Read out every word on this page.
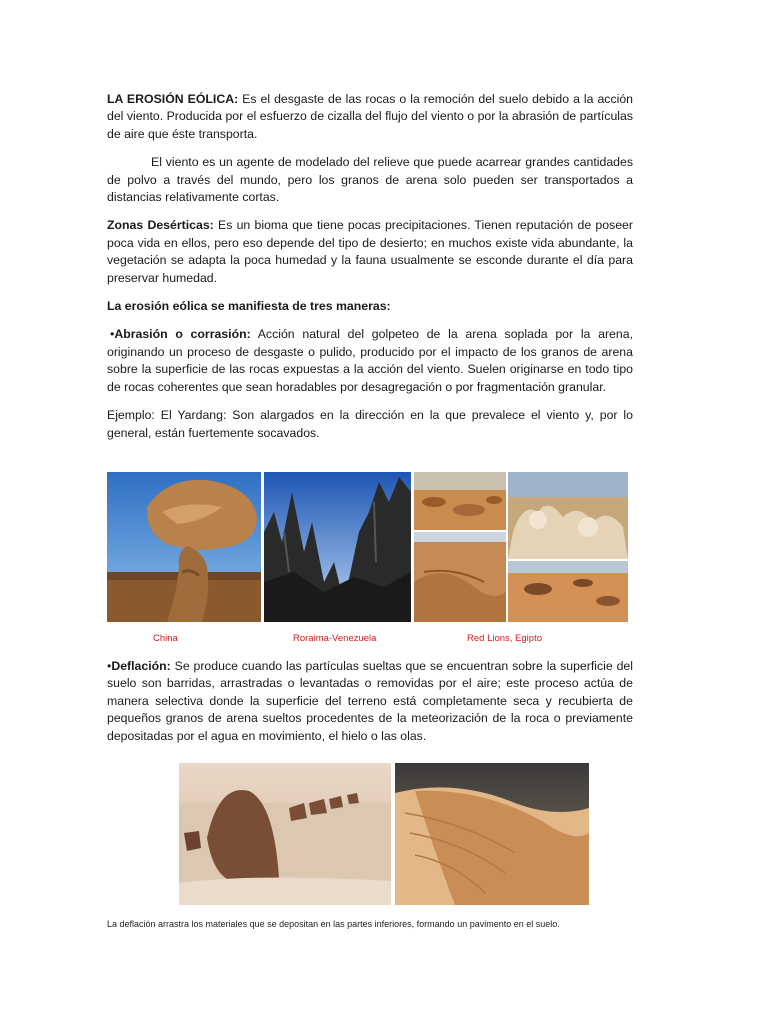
LA EROSIÓN EÓLICA: Es el desgaste de las rocas o la remoción del suelo debido a la acción del viento. Producida por el esfuerzo de cizalla del flujo del viento o por la abrasión de partículas de aire que éste transporta.

El viento es un agente de modelado del relieve que puede acarrear grandes cantidades de polvo a través del mundo, pero los granos de arena solo pueden ser transportados a distancias relativamente cortas.

Zonas Desérticas: Es un bioma que tiene pocas precipitaciones. Tienen reputación de poseer poca vida en ellos, pero eso depende del tipo de desierto; en muchos existe vida abundante, la vegetación se adapta la poca humedad y la fauna usualmente se esconde durante el día para preservar humedad.

La erosión eólica se manifiesta de tres maneras:

•Abrasión o corrasión: Acción natural del golpeteo de la arena soplada por la arena, originando un proceso de desgaste o pulido, producido por el impacto de los granos de arena sobre la superficie de las rocas expuestas a la acción del viento. Suelen originarse en todo tipo de rocas coherentes que sean horadables por desagregación o por fragmentación granular.

Ejemplo: El Yardang: Son alargados en la dirección en la que prevalece el viento y, por lo general, están fuertemente socavados.

China	Roraima-Venezuela	Red Lions, Egipto

•Deflación: Se produce cuando las partículas sueltas que se encuentran sobre la superficie del suelo son barridas, arrastradas o levantadas o removidas por el aire; este proceso actúa de manera selectiva donde la superficie del terreno está completamente seca y recubierta de pequeños granos de arena sueltos procedentes de la meteorización de la roca o previamente depositadas por el agua en movimiento, el hielo o las olas.

La deflación arrastra los materiales que se depositan en las partes inferiores, formando un pavimento en el suelo.
